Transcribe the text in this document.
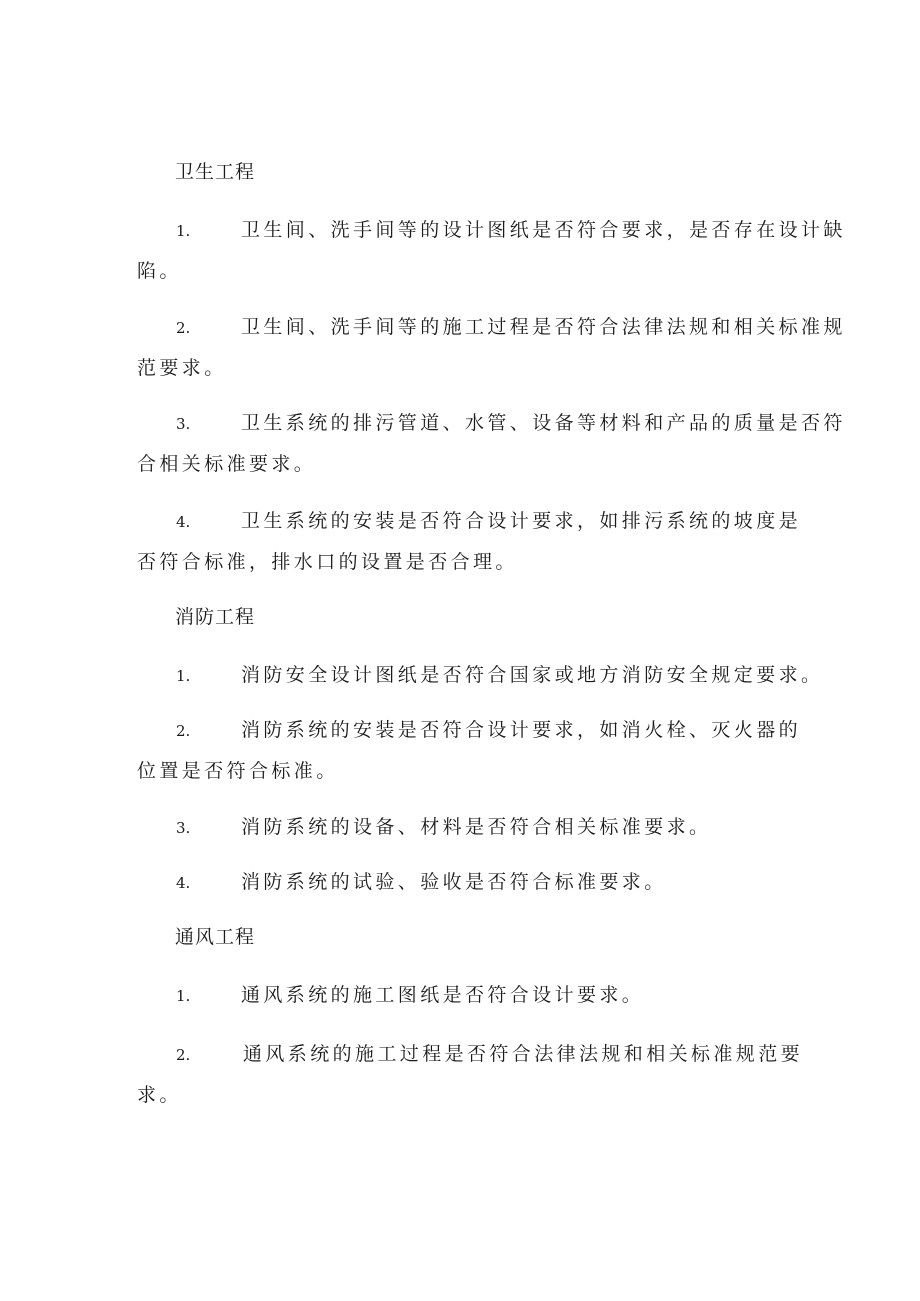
卫生工程
1.	卫生间、洗手间等的设计图纸是否符合要求，是否存在设计缺
陷。
2.	卫生间、洗手间等的施工过程是否符合法律法规和相关标准规
范要求。
3.	卫生系统的排污管道、水管、设备等材料和产品的质量是否符
合相关标准要求。
4.	卫生系统的安装是否符合设计要求，如排污系统的坡度是
否符合标准，排水口的设置是否合理。
消防工程
1.	消防安全设计图纸是否符合国家或地方消防安全规定要求。
2.	消防系统的安装是否符合设计要求，如消火栓、灭火器的
位置是否符合标准。
3.	消防系统的设备、材料是否符合相关标准要求。
4.	消防系统的试验、验收是否符合标准要求。
通风工程
1.	通风系统的施工图纸是否符合设计要求。
2.	通风系统的施工过程是否符合法律法规和相关标准规范要
求。
